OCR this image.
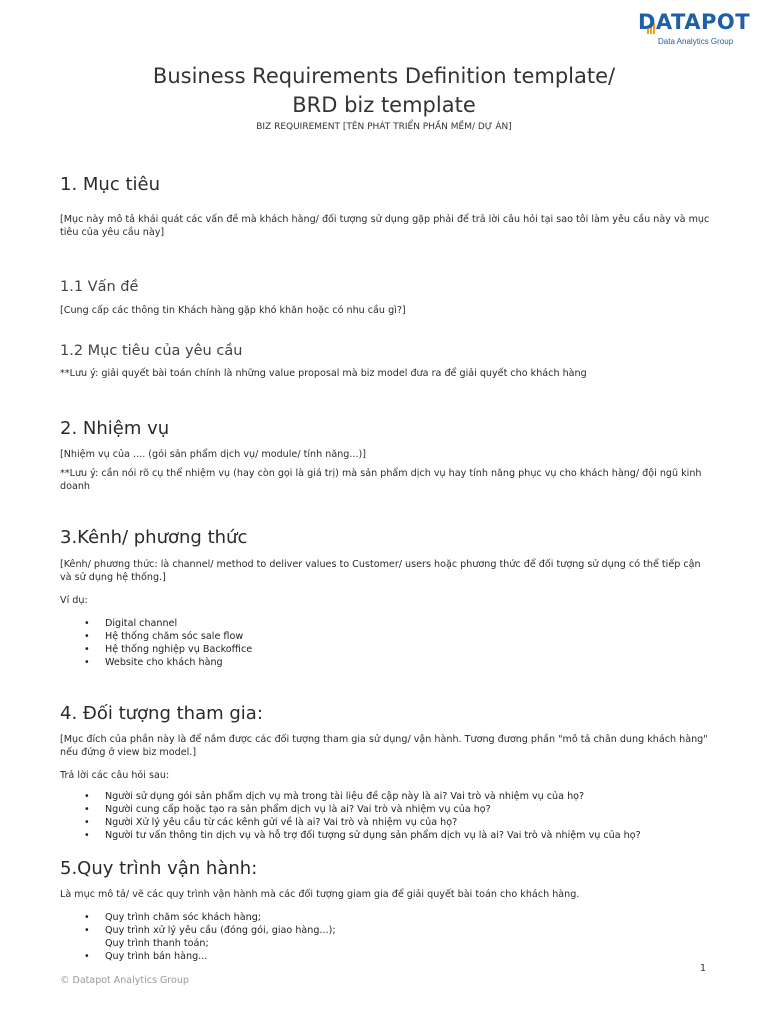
DATAPOT
Data Analytics Group
Business Requirements Definition template/
BRD biz template
BIZ REQUIREMENT [TÊN PHÁT TRIỂN PHẦN MỀM/ DỰ ÁN]
1. Mục tiêu

[Mục này mô tả khái quát các vấn đề mà khách hàng/ đối tượng sử dụng gặp phải để trả lời câu hỏi tại sao tôi làm yêu cầu này và mục tiêu của yêu cầu này]

1.1 Vấn đề

[Cung cấp các thông tin Khách hàng gặp khó khăn hoặc có nhu cầu gì?]

1.2 Mục tiêu của yêu cầu

**Lưu ý: giải quyết bài toán chính là những value proposal mà biz model đưa ra để giải quyết cho khách hàng

2. Nhiệm vụ

[Nhiệm vụ của .... (gói sản phẩm dịch vụ/ module/ tính năng...)]

**Lưu ý: cần nói rõ cụ thể nhiệm vụ (hay còn gọi là giá trị) mà sản phẩm dịch vụ hay tính năng phục vụ cho khách hàng/ đội ngũ kinh doanh

3.Kênh/ phương thức

[Kênh/ phương thức: là channel/ method to deliver values to Customer/ users hoặc phương thức để đối tượng sử dụng có thể tiếp cận và sử dụng hệ thống.]

Ví dụ:

• Digital channel
• Hệ thống chăm sóc sale flow
• Hệ thống nghiệp vụ Backoffice
• Website cho khách hàng
4. Đối tượng tham gia:

[Mục đích của phần này là để nắm được các đối tượng tham gia sử dụng/ vận hành. Tương đương phần "mô tả chân dung khách hàng" nếu đứng ở view biz model.]

Trả lời các câu hỏi sau:

• Người sử dụng gói sản phẩm dịch vụ mà trong tài liệu đề cập này là ai? Vai trò và nhiệm vụ của họ?
• Người cung cấp hoặc tạo ra sản phẩm dịch vụ là ai? Vai trò và nhiệm vụ của họ?
• Người Xử lý yêu cầu từ các kênh gửi về là ai? Vai trò và nhiệm vụ của họ?
• Người tư vấn thông tin dịch vụ và hỗ trợ đối tượng sử dụng sản phẩm dịch vụ là ai? Vai trò và nhiệm vụ của họ?
5.Quy trình vận hành:

Là mục mô tả/ vẽ các quy trình vận hành mà các đối tượng giam gia để giải quyết bài toán cho khách hàng.

• Quy trình chăm sóc khách hàng;
• Quy trình xử lý yêu cầu (đóng gói, giao hàng...);
Quy trình thanh toán;
• Quy trình bán hàng...
1
© Datapot Analytics Group
